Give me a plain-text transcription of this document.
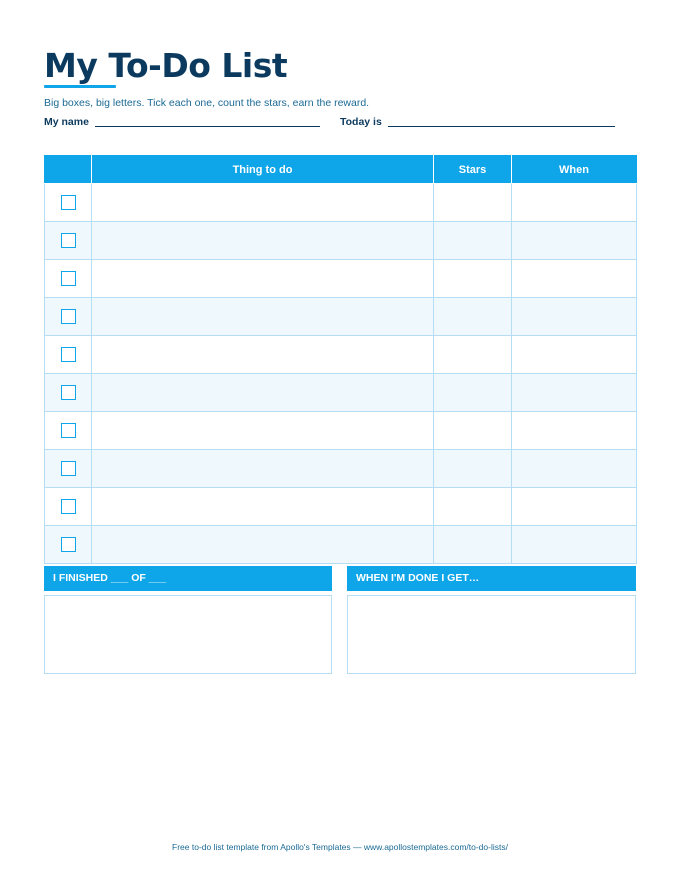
My To-Do List
Big boxes, big letters. Tick each one, count the stars, earn the reward.
My name	Today is
	Thing to do	Stars	When

I FINISHED ___ OF ___	WHEN I'M DONE I GET…
Free to-do list template from Apollo's Templates — www.apollostemplates.com/to-do-lists/
